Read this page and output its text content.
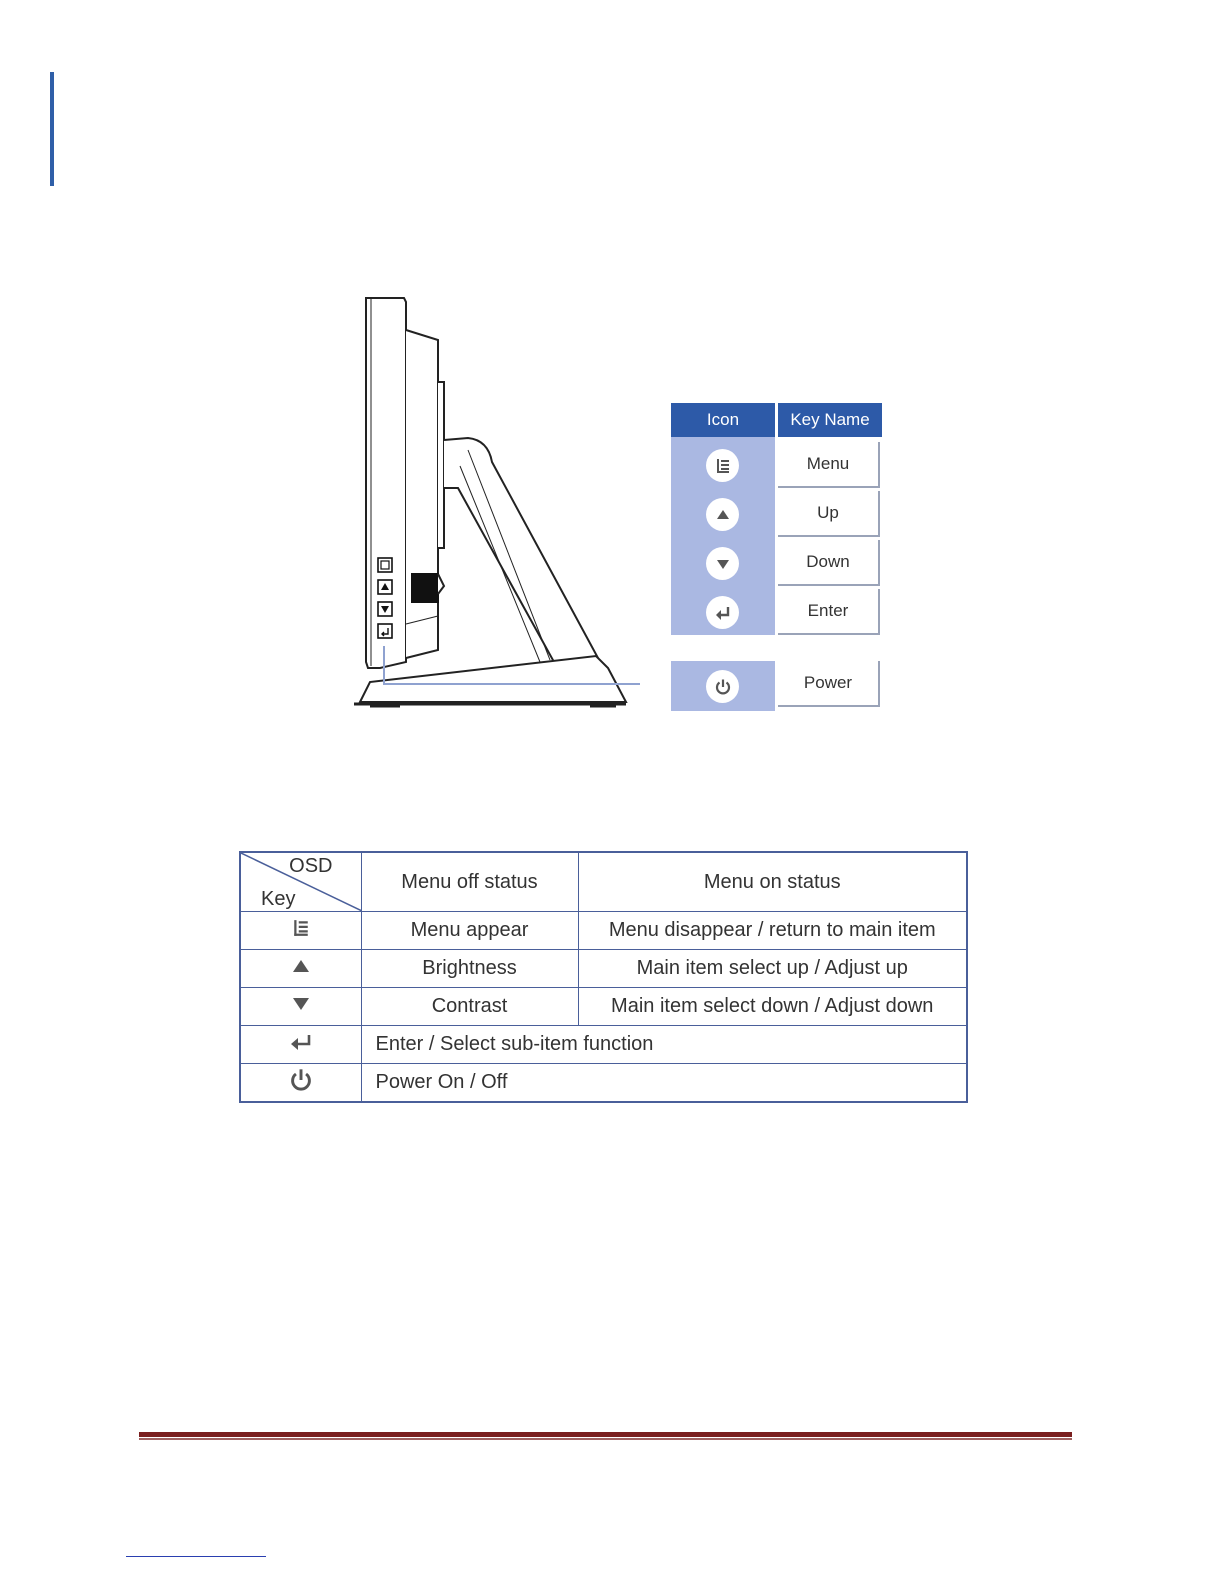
Icon	Key Name
Menu
Up
Down
Enter
Power
OSD
Key	Menu off status	Menu on status

	Menu appear	Menu disappear / return to main item

	Brightness	Main item select up / Adjust up

	Contrast	Main item select down / Adjust down

	Enter / Select sub-item function	

	Power On / Off	
